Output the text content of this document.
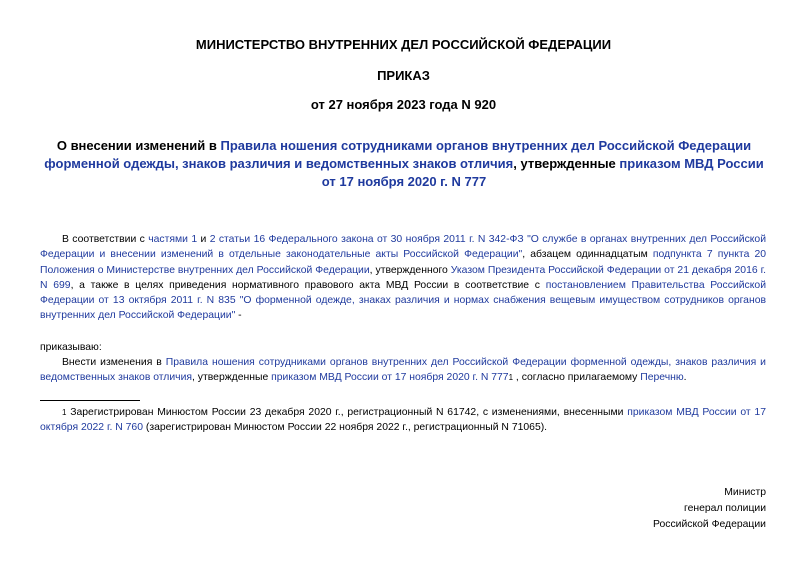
МИНИСТЕРСТВО ВНУТРЕННИХ ДЕЛ РОССИЙСКОЙ ФЕДЕРАЦИИ
ПРИКАЗ
от 27 ноября 2023 года N 920
О внесении изменений в Правила ношения сотрудниками органов внутренних дел Российской Федерации форменной одежды, знаков различия и ведомственных знаков отличия, утвержденные приказом МВД России от 17 ноября 2020 г. N 777
В соответствии с частями 1 и 2 статьи 16 Федерального закона от 30 ноября 2011 г. N 342-ФЗ "О службе в органах внутренних дел Российской Федерации и внесении изменений в отдельные законодательные акты Российской Федерации", абзацем одиннадцатым подпункта 7 пункта 20 Положения о Министерстве внутренних дел Российской Федерации, утвержденного Указом Президента Российской Федерации от 21 декабря 2016 г. N 699, а также в целях приведения нормативного правового акта МВД России в соответствие с постановлением Правительства Российской Федерации от 13 октября 2011 г. N 835 "О форменной одежде, знаках различия и нормах снабжения вещевым имуществом сотрудников органов внутренних дел Российской Федерации" -
приказываю:
Внести изменения в Правила ношения сотрудниками органов внутренних дел Российской Федерации форменной одежды, знаков различия и ведомственных знаков отличия, утвержденные приказом МВД России от 17 ноября 2020 г. N 7771 , согласно прилагаемому Перечню.
1 Зарегистрирован Минюстом России 23 декабря 2020 г., регистрационный N 61742, с изменениями, внесенными приказом МВД России от 17 октября 2022 г. N 760 (зарегистрирован Минюстом России 22 ноября 2022 г., регистрационный N 71065).
Министр
генерал полиции
Российской Федерации
